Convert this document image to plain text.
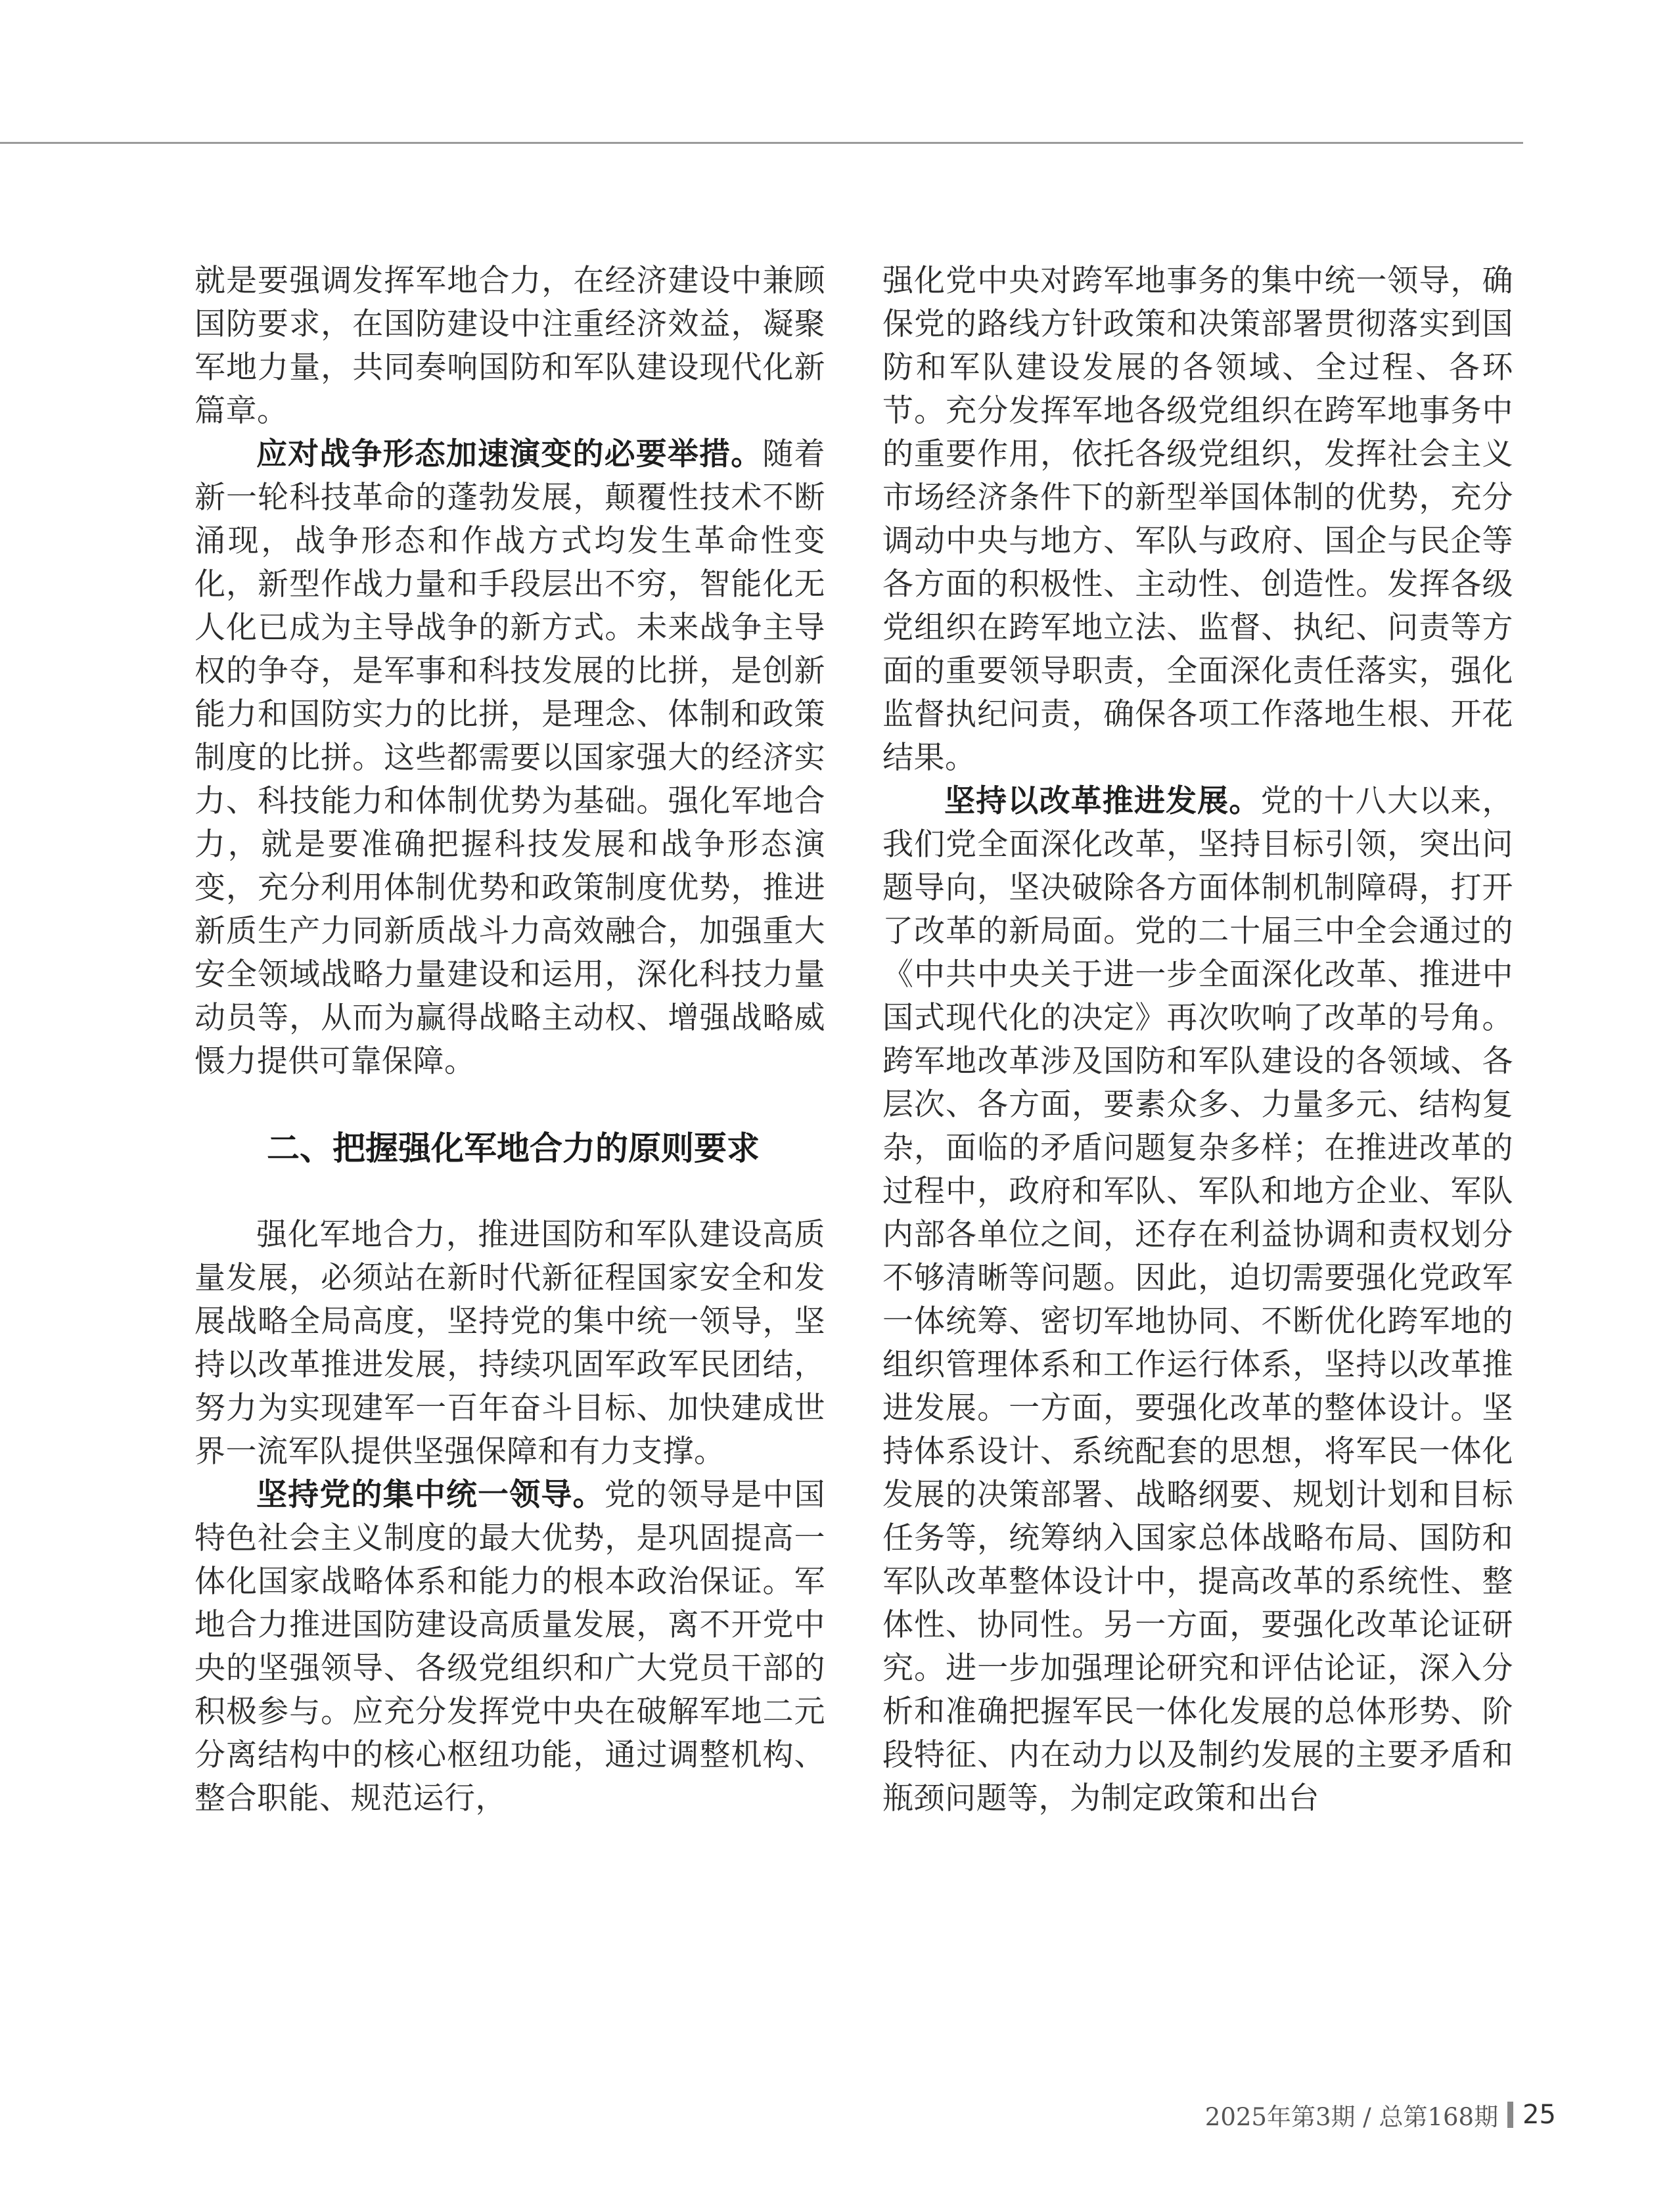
就是要强调发挥军地合力，在经济建设中兼顾国防要求，在国防建设中注重经济效益，凝聚军地力量，共同奏响国防和军队建设现代化新篇章。

应对战争形态加速演变的必要举措。随着新一轮科技革命的蓬勃发展，颠覆性技术不断涌现，战争形态和作战方式均发生革命性变化，新型作战力量和手段层出不穷，智能化无人化已成为主导战争的新方式。未来战争主导权的争夺，是军事和科技发展的比拼，是创新能力和国防实力的比拼，是理念、体制和政策制度的比拼。这些都需要以国家强大的经济实力、科技能力和体制优势为基础。强化军地合力，就是要准确把握科技发展和战争形态演变，充分利用体制优势和政策制度优势，推进新质生产力同新质战斗力高效融合，加强重大安全领域战略力量建设和运用，深化科技力量动员等，从而为赢得战略主动权、增强战略威慑力提供可靠保障。

二、把握强化军地合力的原则要求

强化军地合力，推进国防和军队建设高质量发展，必须站在新时代新征程国家安全和发展战略全局高度，坚持党的集中统一领导，坚持以改革推进发展，持续巩固军政军民团结，努力为实现建军一百年奋斗目标、加快建成世界一流军队提供坚强保障和有力支撑。

坚持党的集中统一领导。党的领导是中国特色社会主义制度的最大优势，是巩固提高一体化国家战略体系和能力的根本政治保证。军地合力推进国防建设高质量发展，离不开党中央的坚强领导、各级党组织和广大党员干部的积极参与。应充分发挥党中央在破解军地二元分离结构中的核心枢纽功能，通过调整机构、整合职能、规范运行，

强化党中央对跨军地事务的集中统一领导，确保党的路线方针政策和决策部署贯彻落实到国防和军队建设发展的各领域、全过程、各环节。充分发挥军地各级党组织在跨军地事务中的重要作用，依托各级党组织，发挥社会主义市场经济条件下的新型举国体制的优势，充分调动中央与地方、军队与政府、国企与民企等各方面的积极性、主动性、创造性。发挥各级党组织在跨军地立法、监督、执纪、问责等方面的重要领导职责，全面深化责任落实，强化监督执纪问责，确保各项工作落地生根、开花结果。

坚持以改革推进发展。党的十八大以来，我们党全面深化改革，坚持目标引领，突出问题导向，坚决破除各方面体制机制障碍，打开了改革的新局面。党的二十届三中全会通过的《中共中央关于进一步全面深化改革、推进中国式现代化的决定》再次吹响了改革的号角。跨军地改革涉及国防和军队建设的各领域、各层次、各方面，要素众多、力量多元、结构复杂，面临的矛盾问题复杂多样；在推进改革的过程中，政府和军队、军队和地方企业、军队内部各单位之间，还存在利益协调和责权划分不够清晰等问题。因此，迫切需要强化党政军一体统筹、密切军地协同、不断优化跨军地的组织管理体系和工作运行体系，坚持以改革推进发展。一方面，要强化改革的整体设计。坚持体系设计、系统配套的思想，将军民一体化发展的决策部署、战略纲要、规划计划和目标任务等，统筹纳入国家总体战略布局、国防和军队改革整体设计中，提高改革的系统性、整体性、协同性。另一方面，要强化改革论证研究。进一步加强理论研究和评估论证，深入分析和准确把握军民一体化发展的总体形势、阶段特征、内在动力以及制约发展的主要矛盾和瓶颈问题等，为制定政策和出台

2025年第3期 / 总第168期 25
